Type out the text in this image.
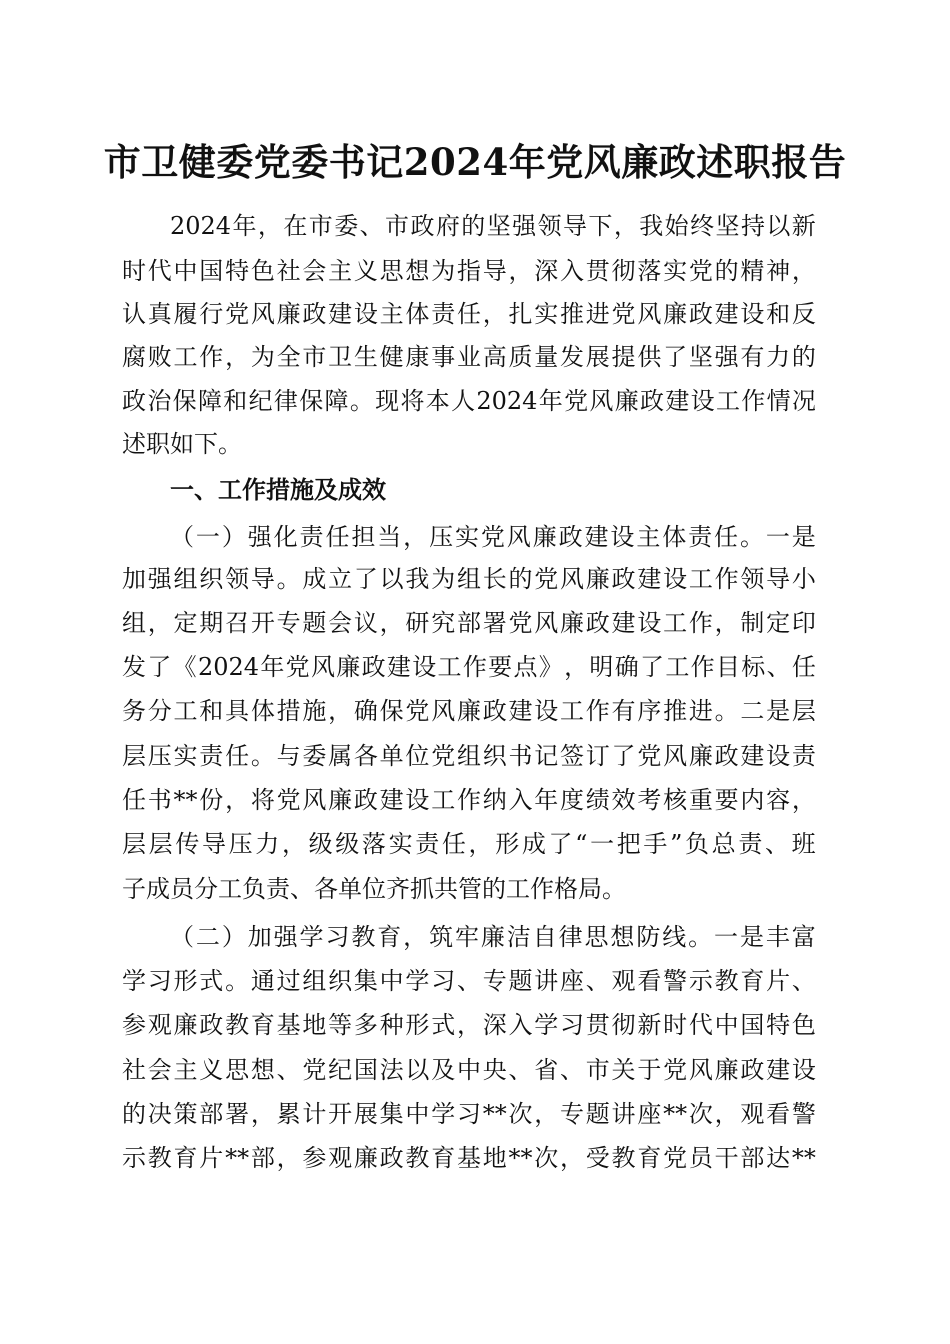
市卫健委党委书记2024年党风廉政述职报告

2024 年 ， 在 市 委 、 市 政 府 的 坚 强 领 导 下 ， 我 始 终 坚 持 以 新

时 代 中 国 特 色 社 会 主 义 思 想 为 指 导 ， 深 入 贯 彻 落 实 党 的 精 神 ，

认 真 履 行 党 风 廉 政 建 设 主 体 责 任 ， 扎 实 推 进 党 风 廉 政 建 设 和 反

腐 败 工 作 ， 为 全 市 卫 生 健 康 事 业 高 质 量 发 展 提 供 了 坚 强 有 力 的

政 治 保 障 和 纪 律 保 障 。 现 将 本 人 2024 年 党 风 廉 政 建 设 工 作 情 况

述职如下。

一、工作措施及成效

（ 一 ） 强 化 责 任 担 当 ， 压 实 党 风 廉 政 建 设 主 体 责 任 。 一 是

加 强 组 织 领 导 。 成 立 了 以 我 为 组 长 的 党 风 廉 政 建 设 工 作 领 导 小

组 ， 定 期 召 开 专 题 会 议 ， 研 究 部 署 党 风 廉 政 建 设 工 作 ， 制 定 印

发 了 《 2024 年 党 风 廉 政 建 设 工 作 要 点 》 ， 明 确 了 工 作 目 标 、 任

务 分 工 和 具 体 措 施 ， 确 保 党 风 廉 政 建 设 工 作 有 序 推 进 。 二 是 层

层 压 实 责 任 。 与 委 属 各 单 位 党 组 织 书 记 签 订 了 党 风 廉 政 建 设 责

任 书 ** 份 ， 将 党 风 廉 政 建 设 工 作 纳 入 年 度 绩 效 考 核 重 要 内 容 ，

层 层 传 导 压 力 ， 级 级 落 实 责 任 ， 形 成 了 “ 一 把 手 ” 负 总 责 、 班

子成员分工负责、各单位齐抓共管的工作格局。

（ 二 ） 加 强 学 习 教 育 ， 筑 牢 廉 洁 自 律 思 想 防 线 。 一 是 丰 富

学 习 形 式 。 通 过 组 织 集 中 学 习 、 专 题 讲 座 、 观 看 警 示 教 育 片 、

参 观 廉 政 教 育 基 地 等 多 种 形 式 ， 深 入 学 习 贯 彻 新 时 代 中 国 特 色

社 会 主 义 思 想 、 党 纪 国 法 以 及 中 央 、 省 、 市 关 于 党 风 廉 政 建 设

的 决 策 部 署 ， 累 计 开 展 集 中 学 习 ** 次 ， 专 题 讲 座 ** 次 ， 观 看 警

示 教 育 片 ** 部 ， 参 观 廉 政 教 育 基 地 ** 次 ， 受 教 育 党 员 干 部 达 **
